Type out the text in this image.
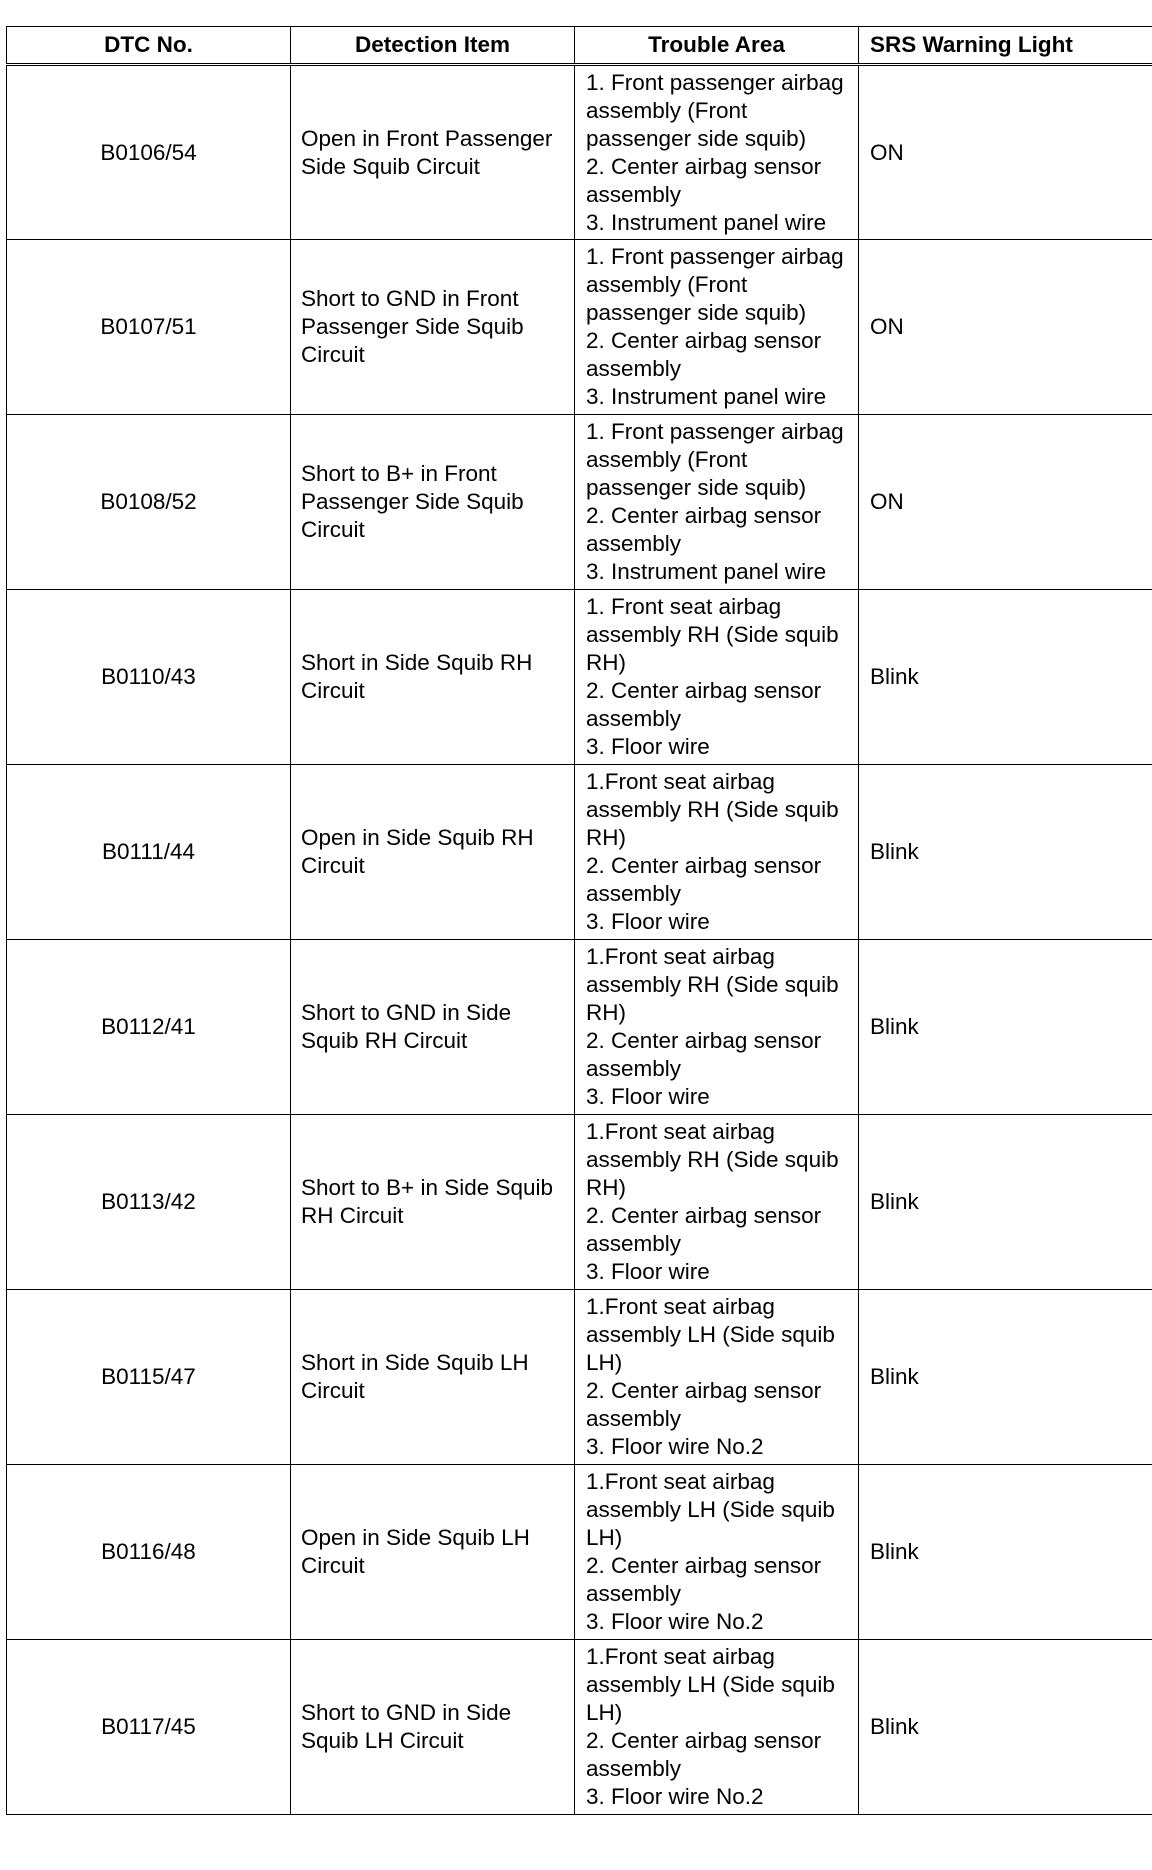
DTC No.	Detection Item	Trouble Area	SRS Warning Light
B0106/54	Open in Front Passenger Side Squib Circuit	1. Front passenger airbag assembly (Front passenger side squib)
2. Center airbag sensor assembly
3. Instrument panel wire	ON
B0107/51	Short to GND in Front Passenger Side Squib Circuit	1. Front passenger airbag assembly (Front passenger side squib)
2. Center airbag sensor assembly
3. Instrument panel wire	ON
B0108/52	Short to B+ in Front Passenger Side Squib Circuit	1. Front passenger airbag assembly (Front passenger side squib)
2. Center airbag sensor assembly
3. Instrument panel wire	ON
B0110/43	Short in Side Squib RH Circuit	1. Front seat airbag assembly RH (Side squib RH)
2. Center airbag sensor assembly
3. Floor wire	Blink
B0111/44	Open in Side Squib RH Circuit	1.Front seat airbag assembly RH (Side squib RH)
2. Center airbag sensor assembly
3. Floor wire	Blink
B0112/41	Short to GND in Side Squib RH Circuit	1.Front seat airbag assembly RH (Side squib RH)
2. Center airbag sensor assembly
3. Floor wire	Blink
B0113/42	Short to B+ in Side Squib RH Circuit	1.Front seat airbag assembly RH (Side squib RH)
2. Center airbag sensor assembly
3. Floor wire	Blink
B0115/47	Short in Side Squib LH Circuit	1.Front seat airbag assembly LH (Side squib LH)
2. Center airbag sensor assembly
3. Floor wire No.2	Blink
B0116/48	Open in Side Squib LH Circuit	1.Front seat airbag assembly LH (Side squib LH)
2. Center airbag sensor assembly
3. Floor wire No.2	Blink
B0117/45	Short to GND in Side Squib LH Circuit	1.Front seat airbag assembly LH (Side squib LH)
2. Center airbag sensor assembly
3. Floor wire No.2	Blink
